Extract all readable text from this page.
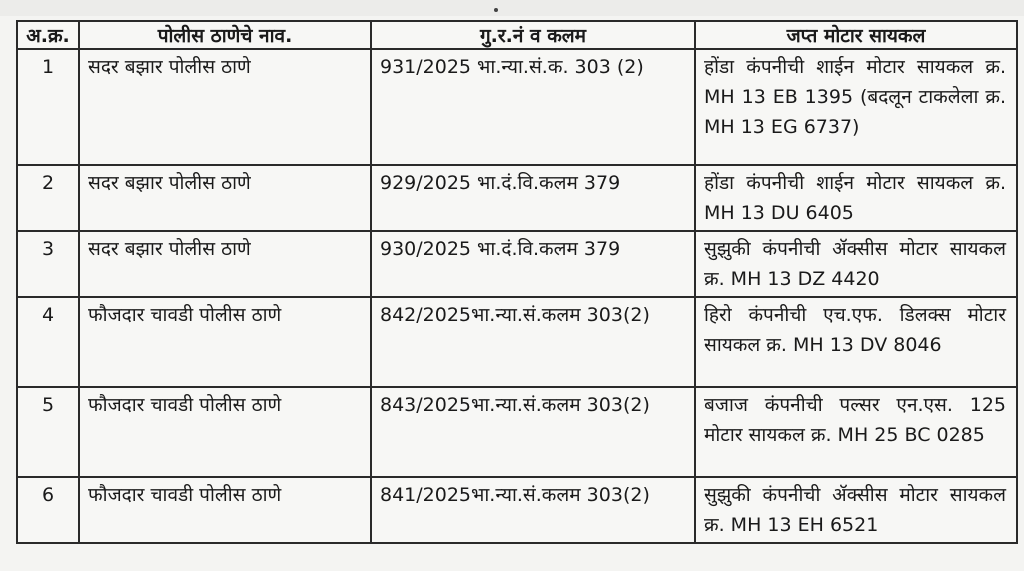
अ.क्र.	पोलीस ठाणेचे नाव.	गु.र.नं व कलम	जप्त मोटार सायकल
1	सदर बझार पोलीस ठाणे	931/2025 भा.न्या.सं.क. 303 (2)	होंडा कंपनीची शाईन मोटार सायकल क्र. MH 13 EB 1395 (बदलून टाकलेला क्र. MH 13 EG 6737)
2	सदर बझार पोलीस ठाणे	929/2025 भा.दं.वि.कलम 379	होंडा कंपनीची शाईन मोटार सायकल क्र. MH 13 DU 6405
3	सदर बझार पोलीस ठाणे	930/2025 भा.दं.वि.कलम 379	सुझुकी कंपनीची ॲक्सीस मोटार सायकल क्र. MH 13 DZ 4420
4	फौजदार चावडी पोलीस ठाणे	842/2025भा.न्या.सं.कलम 303(2)	हिरो कंपनीची एच.एफ. डिलक्स मोटार सायकल क्र. MH 13 DV 8046
5	फौजदार चावडी पोलीस ठाणे	843/2025भा.न्या.सं.कलम 303(2)	बजाज कंपनीची पल्सर एन.एस. 125 मोटार सायकल क्र. MH 25 BC 0285
6	फौजदार चावडी पोलीस ठाणे	841/2025भा.न्या.सं.कलम 303(2)	सुझुकी कंपनीची ॲक्सीस मोटार सायकल क्र. MH 13 EH 6521
